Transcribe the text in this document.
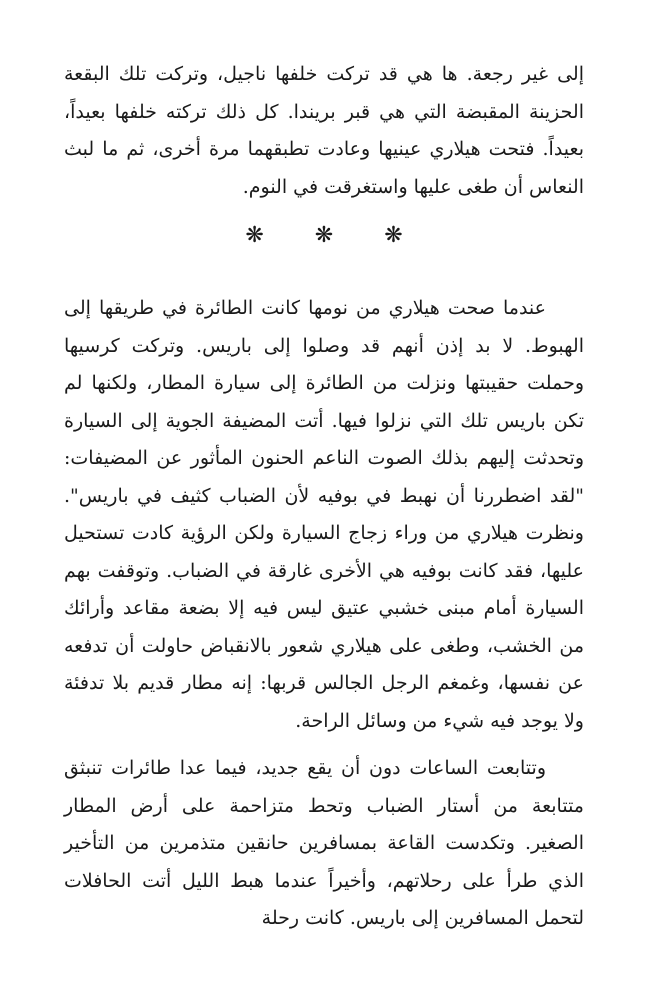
إلى غير رجعة. ها هي قد تركت خلفها ناجيل، وتركت تلك البقعة الحزينة المقبضة التي هي قبر بريندا. كل ذلك تركته خلفها بعيداً، بعيداً. فتحت هيلاري عينيها وعادت تطبقهما مرة أخرى، ثم ما لبث النعاس أن طغى عليها واستغرقت في النوم.

❋ ❋ ❋

عندما صحت هيلاري من نومها كانت الطائرة في طريقها إلى الهبوط. لا بد إذن أنهم قد وصلوا إلى باريس. وتركت كرسيها وحملت حقيبتها ونزلت من الطائرة إلى سيارة المطار، ولكنها لم تكن باريس تلك التي نزلوا فيها. أتت المضيفة الجوية إلى السيارة وتحدثت إليهم بذلك الصوت الناعم الحنون المأثور عن المضيفات: "لقد اضطررنا أن نهبط في بوفيه لأن الضباب كثيف في باريس". ونظرت هيلاري من وراء زجاج السيارة ولكن الرؤية كادت تستحيل عليها، فقد كانت بوفيه هي الأخرى غارقة في الضباب. وتوقفت بهم السيارة أمام مبنى خشبي عتيق ليس فيه إلا بضعة مقاعد وأرائك من الخشب، وطغى على هيلاري شعور بالانقباض حاولت أن تدفعه عن نفسها، وغمغم الرجل الجالس قربها: إنه مطار قديم بلا تدفئة ولا يوجد فيه شيء من وسائل الراحة.

وتتابعت الساعات دون أن يقع جديد، فيما عدا طائرات تنبثق متتابعة من أستار الضباب وتحط متزاحمة على أرض المطار الصغير. وتكدست القاعة بمسافرين حانقين متذمرين من التأخير الذي طرأ على رحلاتهم، وأخيراً عندما هبط الليل أتت الحافلات لتحمل المسافرين إلى باريس. كانت رحلة
